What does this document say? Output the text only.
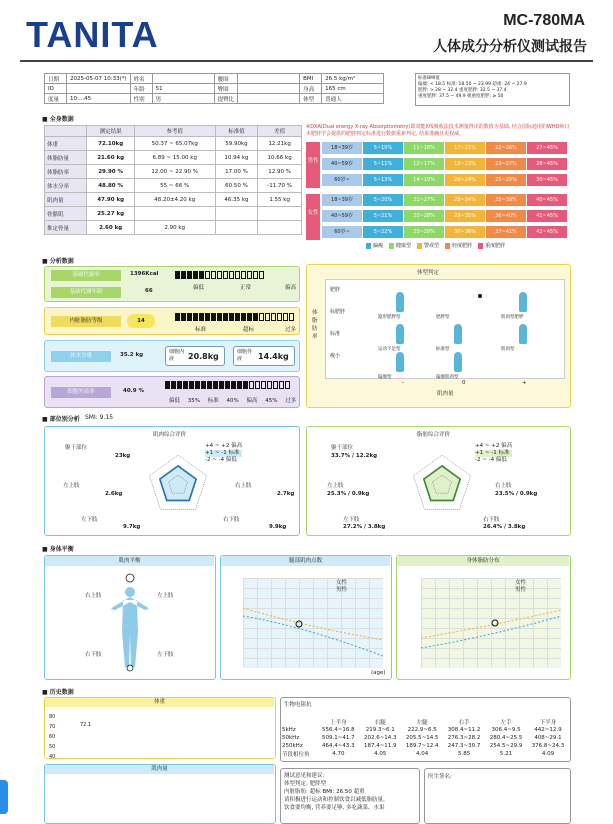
TANITA	MC-780MA
人体成分分析仪测试报告
日期	2025-05-07 10:33(*)	姓名		腰围		BMI	26.5 kg/m²
ID		年龄	51	臀围		身高	165 cm
度量	10:...45	性别	男	提臀比		体型	普通人
标准BMI值
偏瘦: < 18.5 标准: 18.50 ~ 23.99 超重: 24 ~ 27.9
肥胖: > 28 ~ 32.4 重度肥胖: 32.5 ~ 37.4
重度肥胖: 37.5 ~ 49.9 极重度肥胖: ≥ 50
■ 全身数据
	测定结果	参考值	标准值	差值
体重	72.10kg	50.37 ~ 65.07kg	59.90kg	12.21kg
体脂肪量	21.60 kg	6.89 ~ 15.00 kg	10.94 kg	10.66 kg
体脂肪率	29.90 %	12.00 ~ 22.90 %	17.00 %	12.90 %
体水分率	48.80 %	55 ~ 66 %	60.50 %	-11.70 %
肌肉量	47.90 kg	48.20±4.20 kg	46.35 kg	1.55 kg
骨骼肌	25.27 kg			
推定骨量	2.60 kg	2.90 kg		
※DXA(Dual energy X-ray Absorptiometry)即双能X线吸收法技术测量得出的数值为基础, 结合国际通用的WHO和日本肥胖学会提供的肥胖判定标准进行数据重新判定, 结果准确且更权威。
男性
18~39岁	5~10%	11~16%	17~21%	22~26%	27~45%
40~59岁	5~11%	12~17%	18~22%	23~27%	28~45%
60岁~	5~13%	14~19%	20~24%	25~29%	30~45%
女性
18~39岁	5~20%	21~27%	28~34%	35~39%	40~45%
40~59岁	5~21%	22~28%	29~35%	36~40%	41~45%
60岁~	5~22%	23~29%	30~36%	37~41%	42~45%
偏瘦	健康型	警戒型	轻度肥胖	重度肥胖
■ 分析数据
基础代谢率	1396Kcal
基础代谢年龄	66	偏低	正常	偏高
内脏脂肪等级	14
标准	超标	过多
体水分量	35.2 kg	细胞内液	20.8kg	细胞外液	14.4kg
细胞外液率	40.9 %
偏低 35% 标准 40% 偏高 45% 过多
体型判定
体脂肪率
肥胖
标肥胖
标准
瘦小
隐形肥胖型	肥胖型	肌肉型肥胖
运动不足型	标准型	肌肉型
偏瘦型	偏瘦肌肉型
肌肉量
-	0	+
■ 部位别分析 SMI: 9.15
肌肉综合评价
+4 ~ +2 偏高
+1 ~ -1 标准
-2 ~ -4 偏低
躯干部位
23kg
左上肢
2.6kg
右上肢
2.7kg
左下肢
9.7kg
右下肢
9.9kg
脂肪综合评价
+4 ~ +2 偏高
+1 ~ -1 标准
-2 ~ -4 偏低
躯干部位
33.7% / 12.2kg
左上肢
25.3% / 0.9kg
右上肢
23.5% / 0.9kg
左下肢
27.2% / 3.8kg
右下肢
26.4% / 3.8kg
■ 身体平衡
肌肉平衡
右上肢	左上肢
右下肢	左下肢
腿部肌肉点数
女性
男性
(age)
身体脂肪分布
女性
男性
■ 历史数据
体重
80
70
60
50
40
72.1
肌肉量
生物电阻抗
	上半身	右腿	左腿	右手	左手	下半身
5kHz	556.4~16.8	219.3~6.1	222.9~6.5	308.4~11.2	306.4~9.5	442~12.9
50kHz	509.1~41.7	202.6~14.3	205.5~14.5	276.3~28.2	280.4~25.5	408~29.1
250kHz	464.4~43.3	187.4~11.9	189.7~12.4	247.3~30.7	254.5~29.9	376.8~24.3
节段相位角	4.70	4.05	4.04	5.85	5.21	4.09
测试意见和建议:
体型判定: 肥胖型
内脏脂肪: 超标 BMI: 26.50 超重
请积极进行运动和控制饮食以减低脂肪量。
饮食要均衡, 营养要足够, 多吃蔬菜、水果
医生签名:
